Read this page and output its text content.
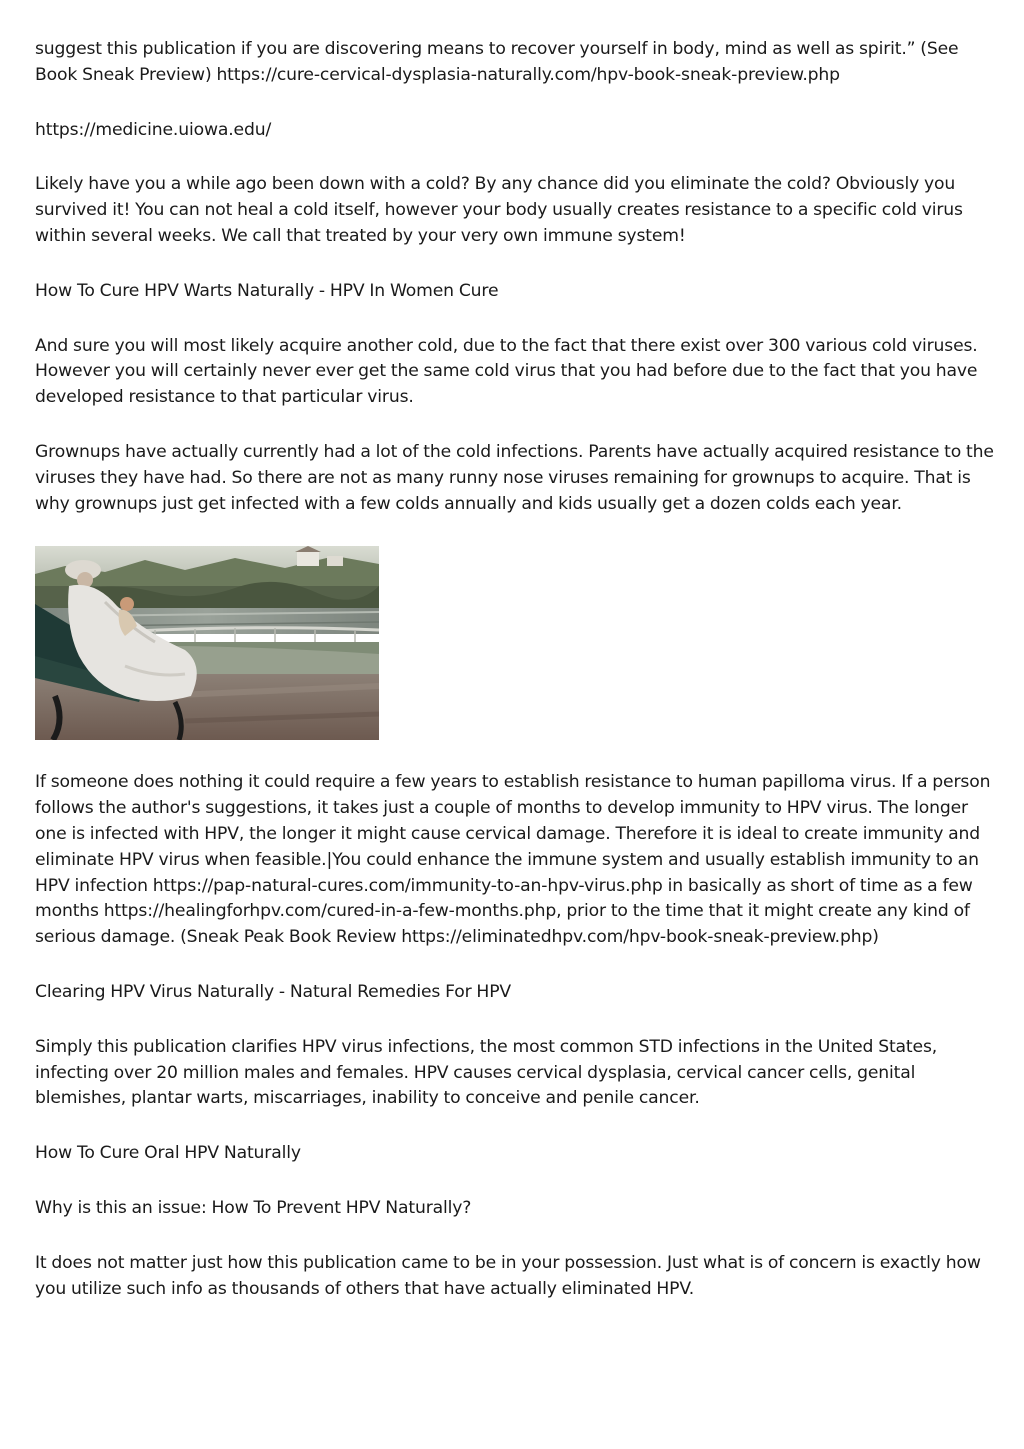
suggest this publication if you are discovering means to recover yourself in body, mind as well as spirit.” (See Book Sneak Preview) https://cure-cervical-dysplasia-naturally.com/hpv-book-sneak-preview.php

https://medicine.uiowa.edu/

Likely have you a while ago been down with a cold? By any chance did you eliminate the cold? Obviously you survived it! You can not heal a cold itself, however your body usually creates resistance to a specific cold virus within several weeks. We call that treated by your very own immune system!

How To Cure HPV Warts Naturally - HPV In Women Cure

And sure you will most likely acquire another cold, due to the fact that there exist over 300 various cold viruses. However you will certainly never ever get the same cold virus that you had before due to the fact that you have developed resistance to that particular virus.

Grownups have actually currently had a lot of the cold infections. Parents have actually acquired resistance to the viruses they have had. So there are not as many runny nose viruses remaining for grownups to acquire. That is why grownups just get infected with a few colds annually and kids usually get a dozen colds each year.

If someone does nothing it could require a few years to establish resistance to human papilloma virus. If a person follows the author's suggestions, it takes just a couple of months to develop immunity to HPV virus. The longer one is infected with HPV, the longer it might cause cervical damage. Therefore it is ideal to create immunity and eliminate HPV virus when feasible.|You could enhance the immune system and usually establish immunity to an HPV infection https://pap-natural-cures.com/immunity-to-an-hpv-virus.php in basically as short of time as a few months https://healingforhpv.com/cured-in-a-few-months.php, prior to the time that it might create any kind of serious damage. (Sneak Peak Book Review https://eliminatedhpv.com/hpv-book-sneak-preview.php)

Clearing HPV Virus Naturally - Natural Remedies For HPV

Simply this publication clarifies HPV virus infections, the most common STD infections in the United States, infecting over 20 million males and females. HPV causes cervical dysplasia, cervical cancer cells, genital blemishes, plantar warts, miscarriages, inability to conceive and penile cancer.

How To Cure Oral HPV Naturally

Why is this an issue: How To Prevent HPV Naturally?

It does not matter just how this publication came to be in your possession. Just what is of concern is exactly how you utilize such info as thousands of others that have actually eliminated HPV.
